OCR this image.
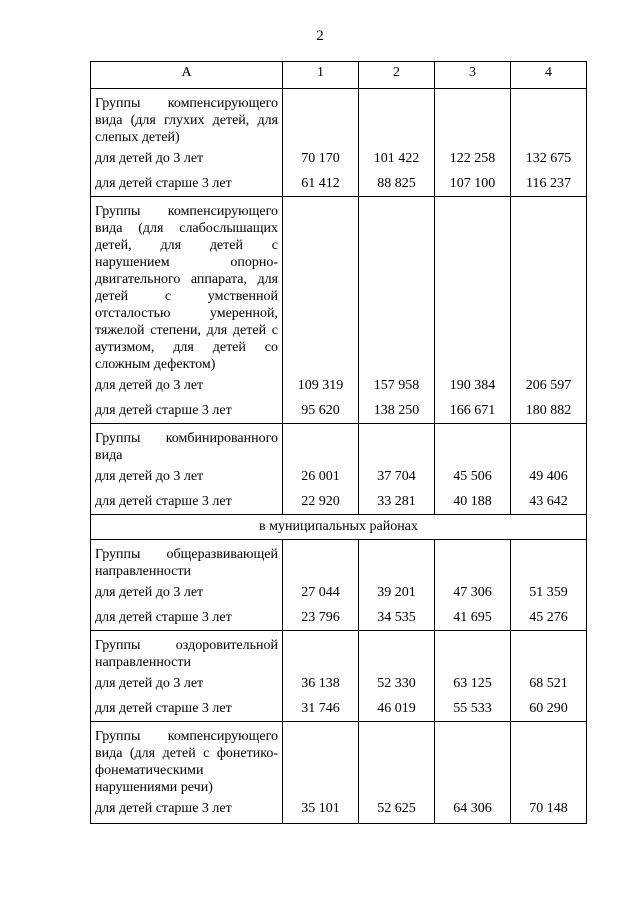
2
А	1	2	3	4
Группы компенсирующего вида (для глухих детей, для слепых детей)				
для детей до 3 лет	70 170	101 422	122 258	132 675
для детей старше 3 лет	61 412	88 825	107 100	116 237
Группы компенсирующего вида (для слабослышащих детей, для детей с нарушением опорно-двигательного аппарата, для детей с умственной отсталостью умеренной, тяжелой степени, для детей с аутизмом, для детей со сложным дефектом)				
для детей до 3 лет	109 319	157 958	190 384	206 597
для детей старше 3 лет	95 620	138 250	166 671	180 882
Группы комбинированного вида				
для детей до 3 лет	26 001	37 704	45 506	49 406
для детей старше 3 лет	22 920	33 281	40 188	43 642
в муниципальных районах				
Группы общеразвивающей направленности				
для детей до 3 лет	27 044	39 201	47 306	51 359
для детей старше 3 лет	23 796	34 535	41 695	45 276
Группы оздоровительной направленности				
для детей до 3 лет	36 138	52 330	63 125	68 521
для детей старше 3 лет	31 746	46 019	55 533	60 290
Группы компенсирующего вида (для детей с фонетико-фонематическими нарушениями речи)				
для детей старше 3 лет	35 101	52 625	64 306	70 148
